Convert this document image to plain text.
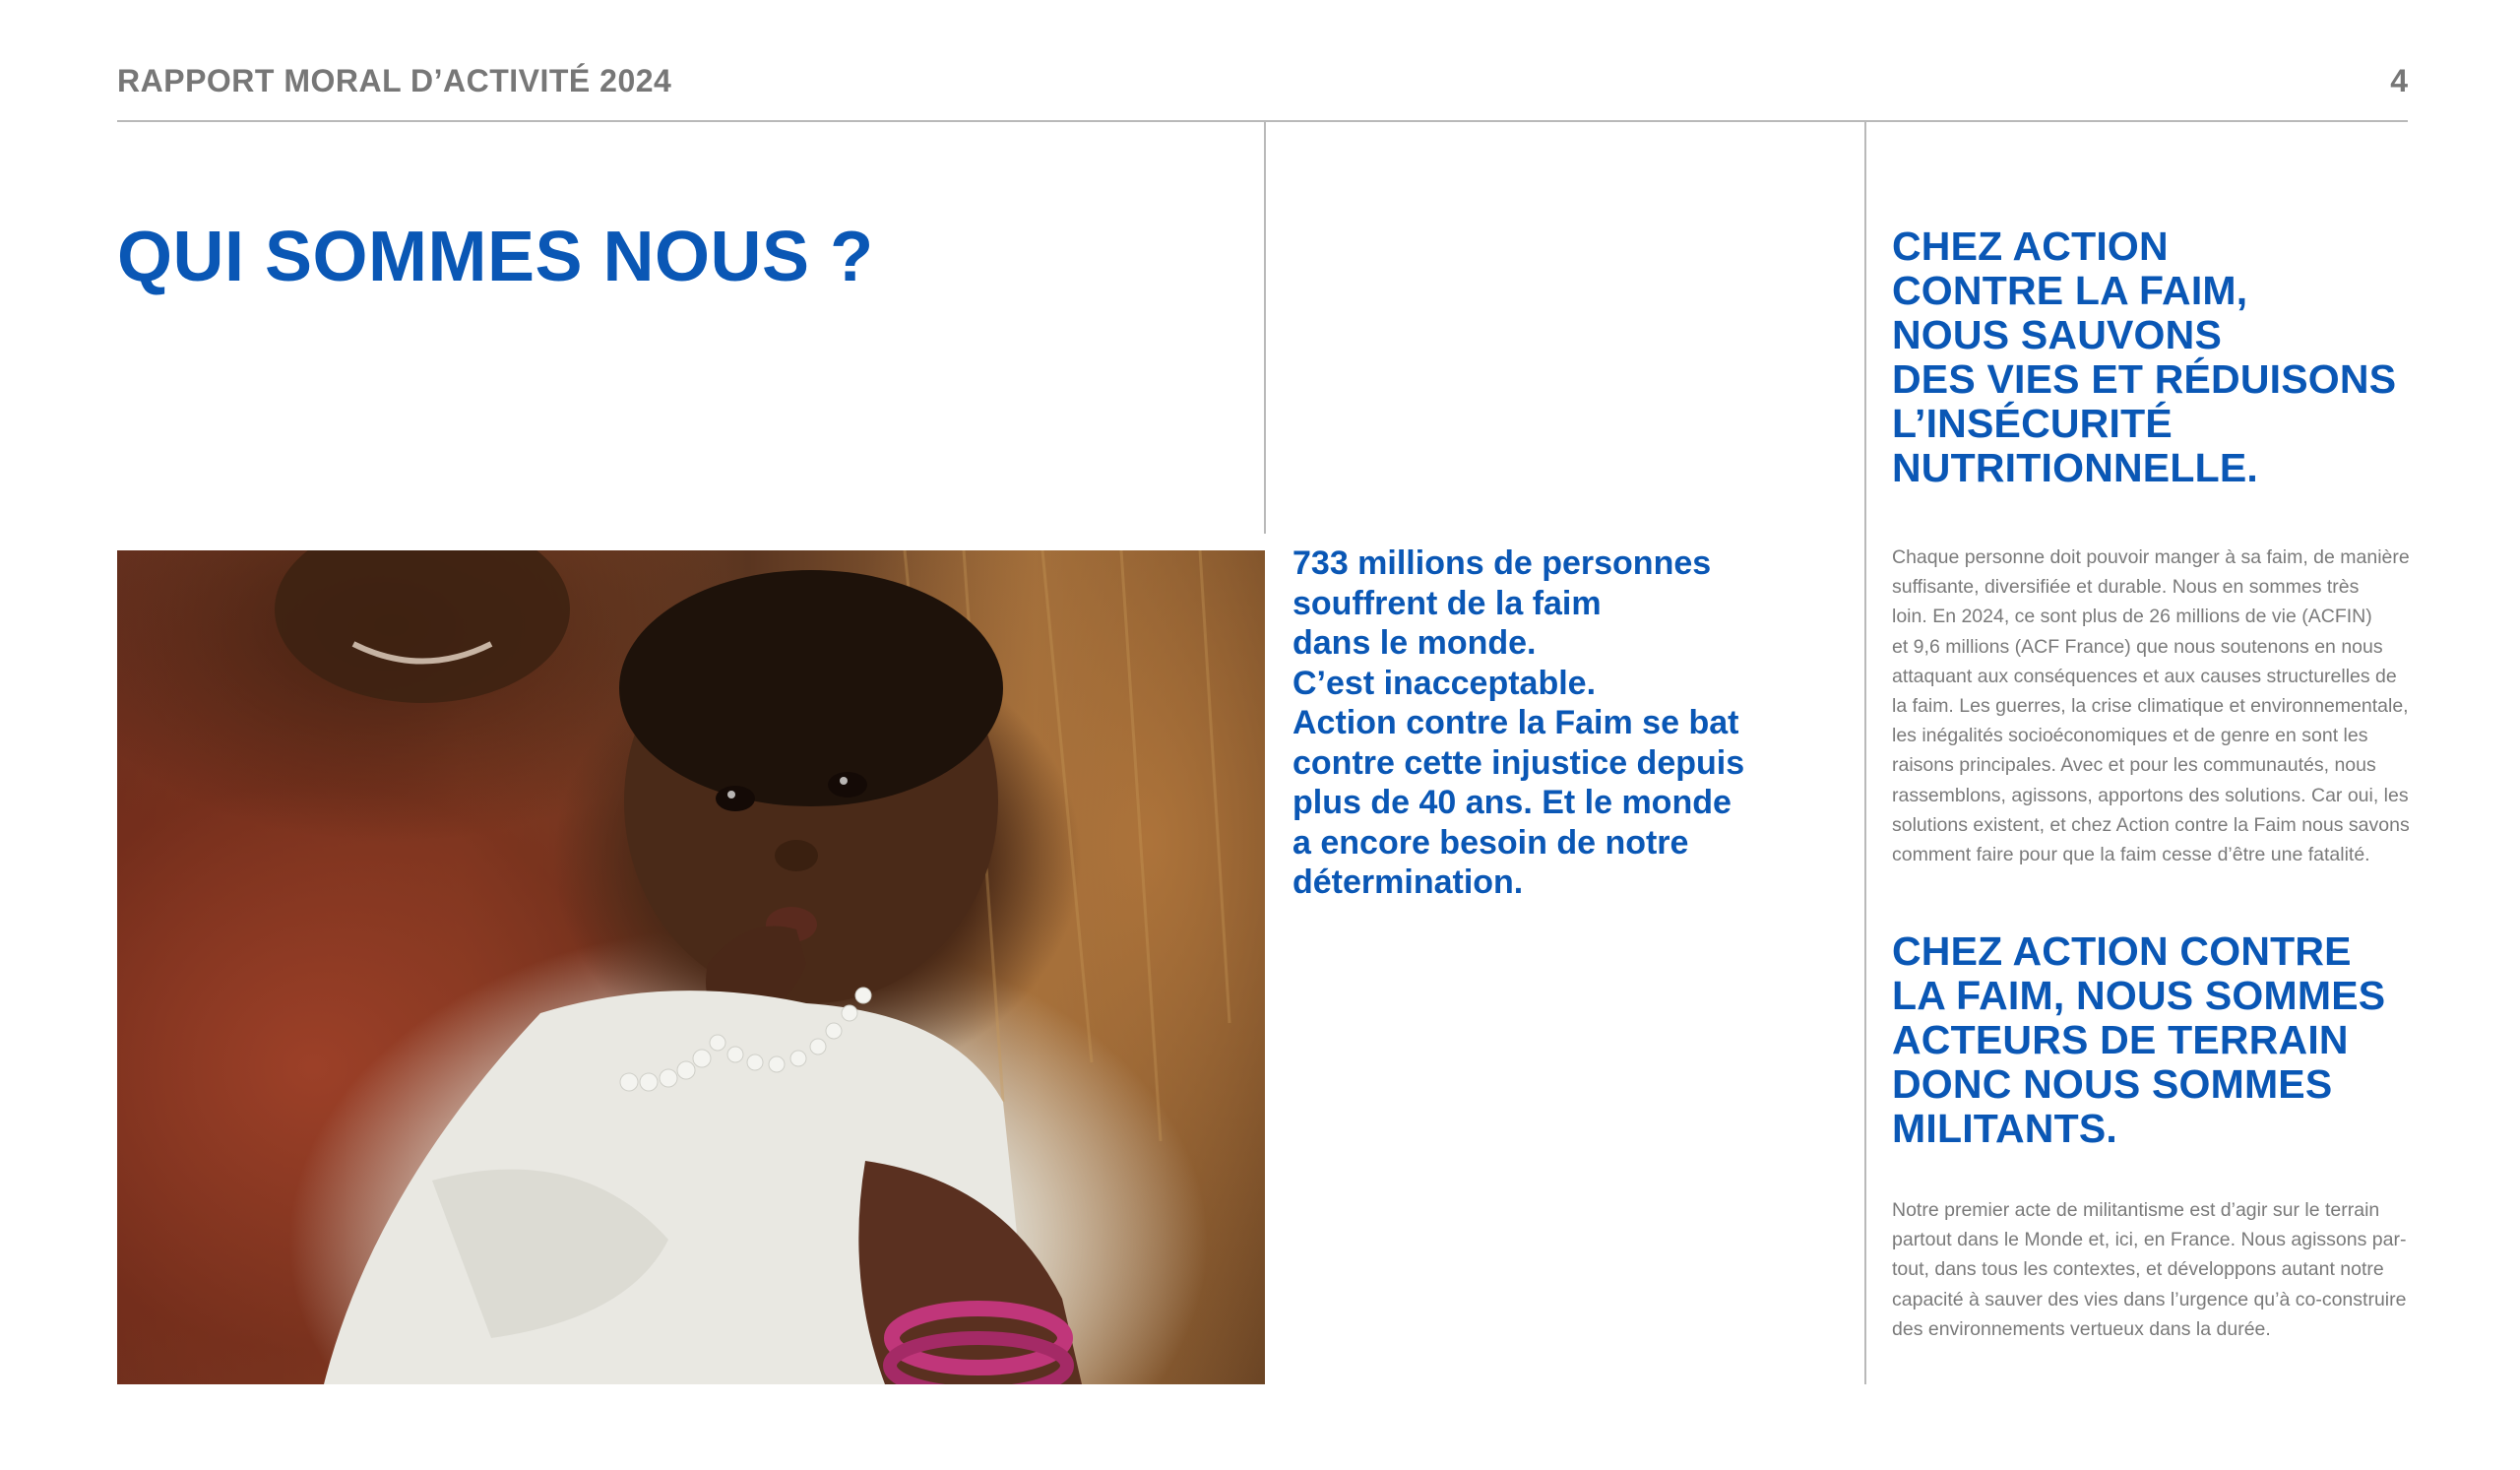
RAPPORT MORAL D’ACTIVITÉ 2024	4
QUI SOMMES NOUS ?
733 millions de personnes
souffrent de la faim
dans le monde.
C’est inacceptable.
Action contre la Faim se bat
contre cette injustice depuis
plus de 40 ans. Et le monde
a encore besoin de notre
détermination.
CHEZ ACTION
CONTRE LA FAIM,
NOUS SAUVONS
DES VIES ET RÉDUISONS
L’INSÉCURITÉ
NUTRITIONNELLE.
Chaque personne doit pouvoir manger à sa faim, de manière
suffisante, diversifiée et durable. Nous en sommes très
loin. En 2024, ce sont plus de 26 millions de vie (ACFIN)
et 9,6 millions (ACF France) que nous soutenons en nous
attaquant aux conséquences et aux causes structurelles de
la faim. Les guerres, la crise climatique et environnementale,
les inégalités socioéconomiques et de genre en sont les
raisons principales. Avec et pour les communautés, nous
rassemblons, agissons, apportons des solutions. Car oui, les
solutions existent, et chez Action contre la Faim nous savons
comment faire pour que la faim cesse d’être une fatalité.
CHEZ ACTION CONTRE
LA FAIM, NOUS SOMMES
ACTEURS DE TERRAIN
DONC NOUS SOMMES
MILITANTS.
Notre premier acte de militantisme est d’agir sur le terrain
partout dans le Monde et, ici, en France. Nous agissons par-
tout, dans tous les contextes, et développons autant notre
capacité à sauver des vies dans l’urgence qu’à co-construire
des environnements vertueux dans la durée.
